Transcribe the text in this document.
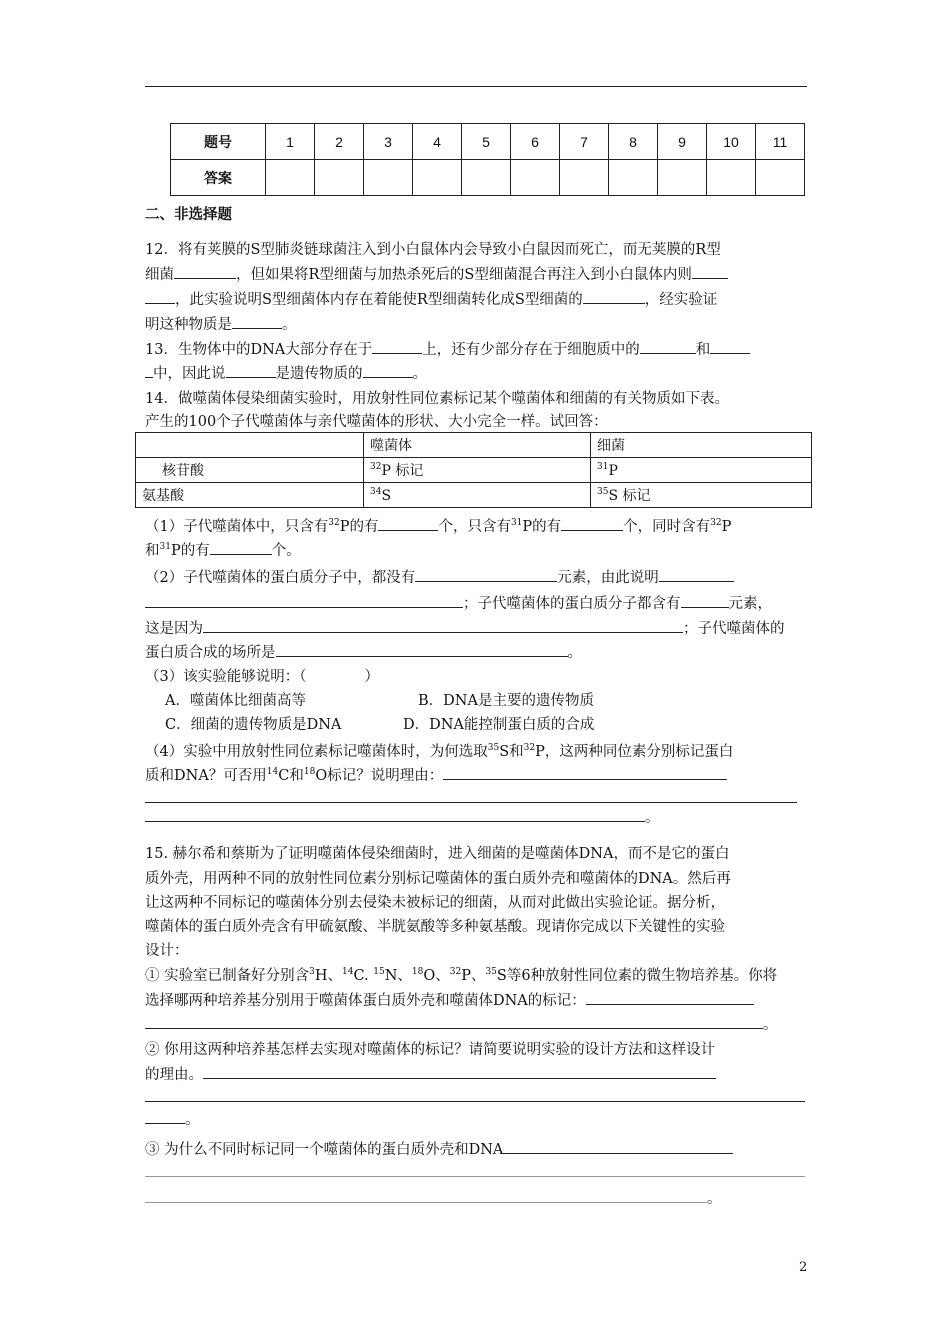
题号	1	2	3	4	5	6	7	8	9	10	11
答案											
二、非选择题
12．将有荚膜的S型肺炎链球菌注入到小白鼠体内会导致小白鼠因而死亡，而无荚膜的R型
细菌	，但如果将R型细菌与加热杀死后的S型细菌混合再注入到小白鼠体内则
，此实验说明S型细菌体内存在着能使R型细菌转化成S型细菌的	，经实验证
明这种物质是	。
13．生物体中的DNA大部分存在于	上，还有少部分存在于细胞质中的	和
中，因此说	是遗传物质的	。
14．做噬菌体侵染细菌实验时，用放射性同位素标记某个噬菌体和细菌的有关物质如下表。
产生的100个子代噬菌体与亲代噬菌体的形状、大小完全一样。试回答：
	噬菌体	细菌
核苷酸	$^{32}$P 标记	$^{31}$P
氨基酸	$^{34}$S	$^{35}$S 标记
（1）子代噬菌体中，只含有$^{32}$P的有	个，只含有$^{31}$P的有	个，同时含有$^{32}$P
和$^{31}$P的有	个。
（2）子代噬菌体的蛋白质分子中，都没有	元素，由此说明
；子代噬菌体的蛋白质分子都含有	元素，
这是因为	；子代噬菌体的
蛋白质合成的场所是	。
（3）该实验能够说明：（　　　　）
A．噬菌体比细菌高等	B．DNA是主要的遗传物质
C．细菌的遗传物质是DNA	D．DNA能控制蛋白质的合成
（4）实验中用放射性同位素标记噬菌体时，为何选取$^{35}$S和$^{32}$P，这两种同位素分别标记蛋白
质和DNA？可否用$^{14}$C和$^{18}$O标记？说明理由：
。
15. 赫尔希和蔡斯为了证明噬菌体侵染细菌时，进入细菌的是噬菌体DNA，而不是它的蛋白
质外壳，用两种不同的放射性同位素分别标记噬菌体的蛋白质外壳和噬菌体的DNA。然后再
让这两种不同标记的噬菌体分别去侵染未被标记的细菌，从而对此做出实验论证。据分析，
噬菌体的蛋白质外壳含有甲硫氨酸、半胱氨酸等多种氨基酸。现请你完成以下关键性的实验
设计：
① 实验室已制备好分别含$^3$H、$^{14}$C. $^{15}$N、$^{18}$O、$^{32}$P、$^{35}$S等6种放射性同位素的微生物培养基。你将
选择哪两种培养基分别用于噬菌体蛋白质外壳和噬菌体DNA的标记：
。
② 你用这两种培养基怎样去实现对噬菌体的标记？请简要说明实验的设计方法和这样设计
的理由。
。
③ 为什么不同时标记同一个噬菌体的蛋白质外壳和DNA
。
2
